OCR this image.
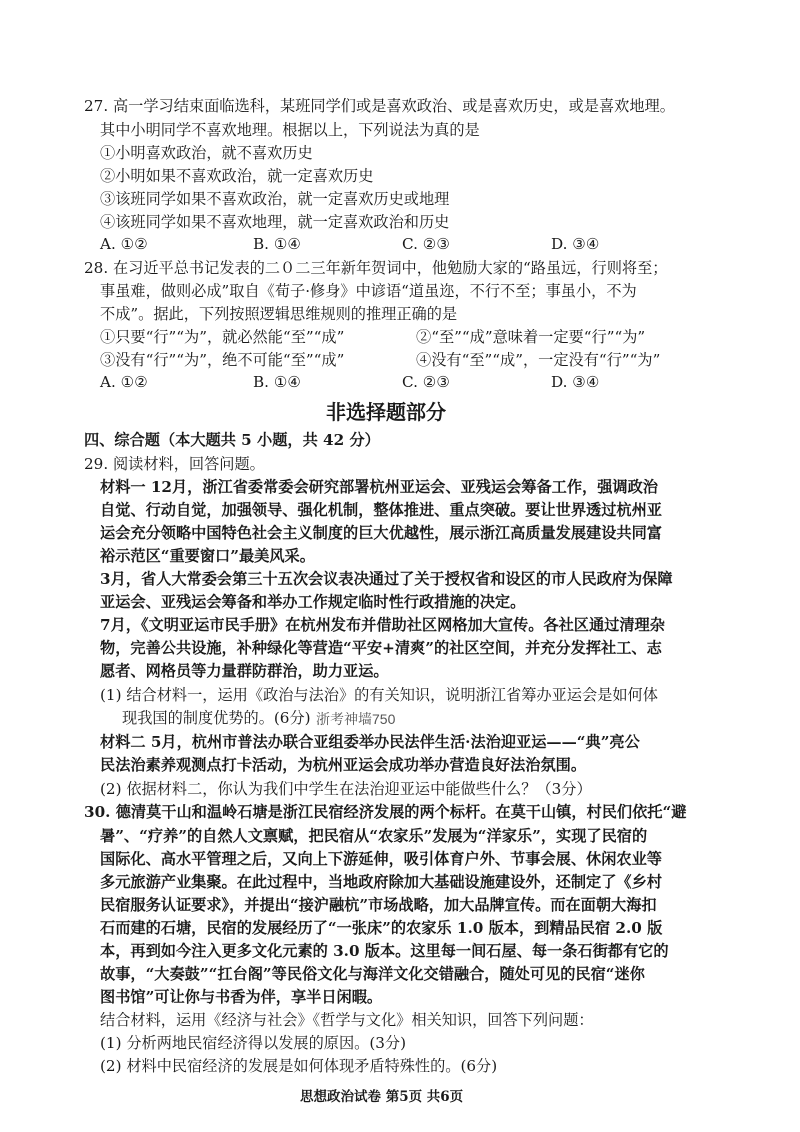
27. 高一学习结束面临选科，某班同学们或是喜欢政治、或是喜欢历史，或是喜欢地理。
其中小明同学不喜欢地理。根据以上，下列说法为真的是
①小明喜欢政治，就不喜欢历史
②小明如果不喜欢政治，就一定喜欢历史
③该班同学如果不喜欢政治，就一定喜欢历史或地理
④该班同学如果不喜欢地理，就一定喜欢政治和历史
A. ①②	B. ①④	C. ②③	D. ③④
28. 在习近平总书记发表的二０二三年新年贺词中，他勉励大家的“路虽远，行则将至；
事虽难，做则必成”取自《荀子·修身》中谚语“道虽迩，不行不至；事虽小，不为
不成”。据此，下列按照逻辑思维规则的推理正确的是
①只要“行”“为”，就必然能“至”“成”	②“至”“成”意味着一定要“行”“为”
③没有“行”“为”，绝不可能“至”“成”	④没有“至”“成”，一定没有“行”“为”
A. ①②	B. ①④	C. ②③	D. ③④
非选择题部分
四、综合题（本大题共 5 小题，共 42 分）
29. 阅读材料，回答问题。
材料一 12月，浙江省委常委会研究部署杭州亚运会、亚残运会筹备工作，强调政治
自觉、行动自觉，加强领导、强化机制，整体推进、重点突破。要让世界透过杭州亚
运会充分领略中国特色社会主义制度的巨大优越性，展示浙江高质量发展建设共同富
裕示范区“重要窗口”最美风采。
3月，省人大常委会第三十五次会议表决通过了关于授权省和设区的市人民政府为保障
亚运会、亚残运会筹备和举办工作规定临时性行政措施的决定。
7月，《文明亚运市民手册》在杭州发布并借助社区网格加大宣传。各社区通过清理杂
物，完善公共设施，补种绿化等营造“平安+清爽”的社区空间，并充分发挥社工、志
愿者、网格员等力量群防群治，助力亚运。
(1) 结合材料一，运用《政治与法治》的有关知识，说明浙江省筹办亚运会是如何体
现我国的制度优势的。(6分) 浙考神墙750
材料二 5月，杭州市普法办联合亚组委举办民法伴生活·法治迎亚运——“典”亮公
民法治素养观测点打卡活动，为杭州亚运会成功举办营造良好法治氛围。
(2) 依据材料二，你认为我们中学生在法治迎亚运中能做些什么？（3分）
30. 德清莫干山和温岭石塘是浙江民宿经济发展的两个标杆。在莫干山镇，村民们依托“避
暑”、“疗养”的自然人文禀赋，把民宿从“农家乐”发展为“洋家乐”，实现了民宿的
国际化、高水平管理之后，又向上下游延伸，吸引体育户外、节事会展、休闲农业等
多元旅游产业集聚。在此过程中，当地政府除加大基础设施建设外，还制定了《乡村
民宿服务认证要求》，并提出“接沪融杭”市场战略，加大品牌宣传。而在面朝大海扣
石而建的石塘，民宿的发展经历了“一张床”的农家乐 1.0 版本，到精品民宿 2.0 版
本，再到如今注入更多文化元素的 3.0 版本。这里每一间石屋、每一条石街都有它的
故事，“大奏鼓”“扛台阁”等民俗文化与海洋文化交错融合，随处可见的民宿“迷你
图书馆”可让你与书香为伴，享半日闲暇。
结合材料，运用《经济与社会》《哲学与文化》相关知识，回答下列问题：
(1) 分析两地民宿经济得以发展的原因。(3分)
(2) 材料中民宿经济的发展是如何体现矛盾特殊性的。(6分)
思想政治试卷 第5页 共6页
